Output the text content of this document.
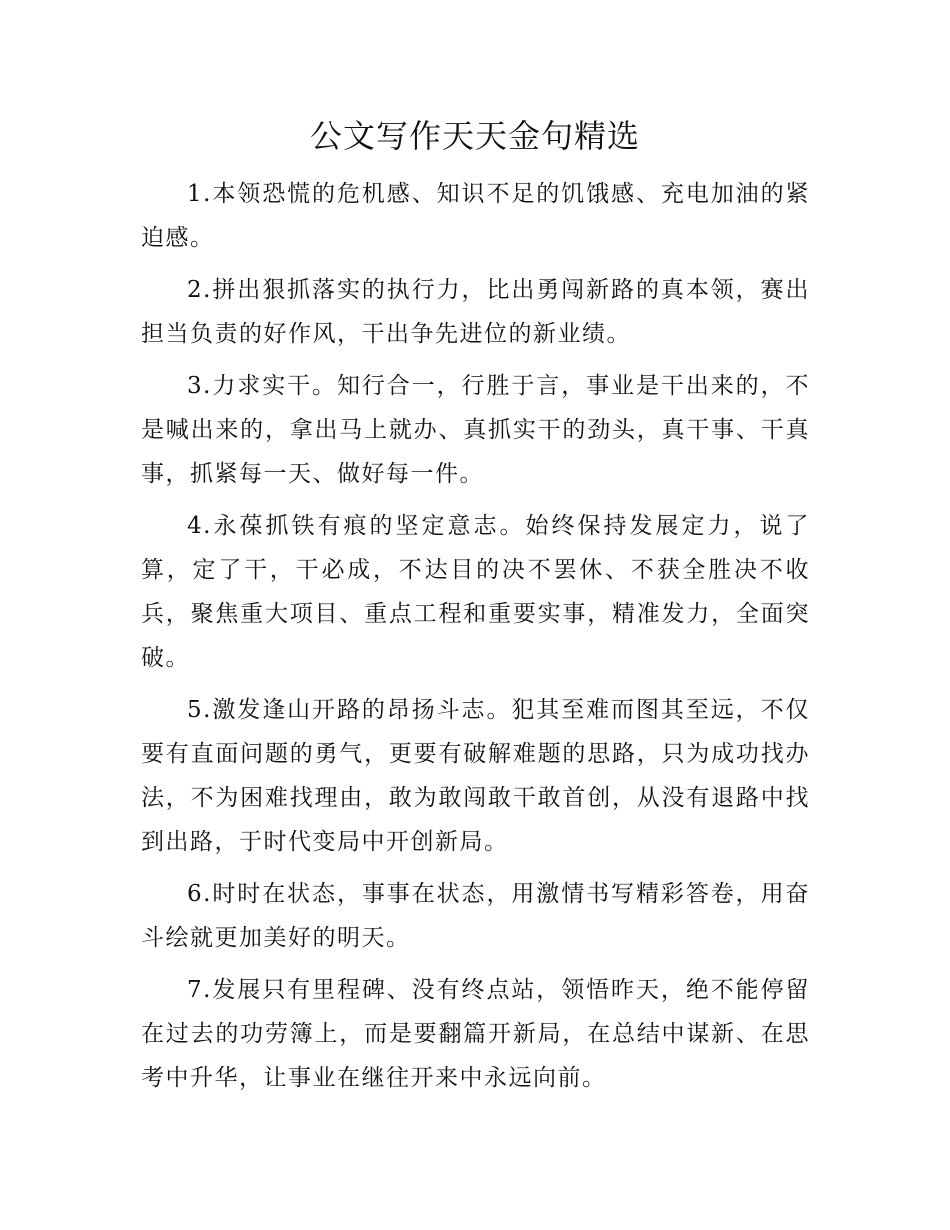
公文写作天天金句精选

1.本领恐慌的危机感、知识不足的饥饿感、充电加油的紧迫感。

2.拼出狠抓落实的执行力，比出勇闯新路的真本领，赛出担当负责的好作风，干出争先进位的新业绩。

3.力求实干。知行合一，行胜于言，事业是干出来的，不是喊出来的，拿出马上就办、真抓实干的劲头，真干事、干真事，抓紧每一天、做好每一件。

4.永葆抓铁有痕的坚定意志。始终保持发展定力，说了算，定了干，干必成，不达目的决不罢休、不获全胜决不收兵，聚焦重大项目、重点工程和重要实事，精准发力，全面突破。

5.激发逢山开路的昂扬斗志。犯其至难而图其至远，不仅要有直面问题的勇气，更要有破解难题的思路，只为成功找办法，不为困难找理由，敢为敢闯敢干敢首创，从没有退路中找到出路，于时代变局中开创新局。

6.时时在状态，事事在状态，用激情书写精彩答卷，用奋斗绘就更加美好的明天。

7.发展只有里程碑、没有终点站，领悟昨天，绝不能停留在过去的功劳簿上，而是要翻篇开新局，在总结中谋新、在思考中升华，让事业在继往开来中永远向前。
